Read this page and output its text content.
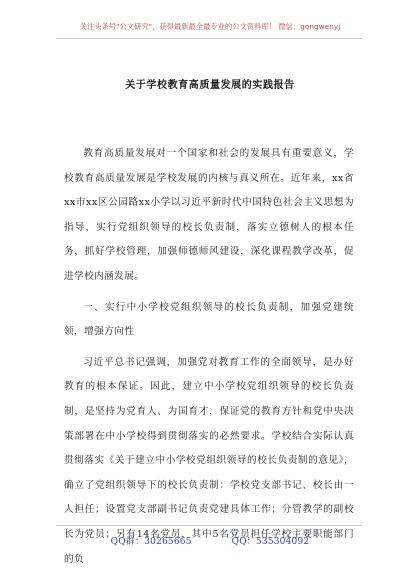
关注头条号"公文研究"，获得最新最全最专业的公文资料库！ 微信：gongwenyj
关于学校教育高质量发展的实践报告

教育高质量发展对一个国家和社会的发展具有重要意义，学校教育高质量发展是学校发展的内核与真义所在。近年来，xx省xx市xx区公园路xx小学以习近平新时代中国特色社会主义思想为指导，实行党组织领导的校长负责制，落实立德树人的根本任务，抓好学校管理，加强师德师风建设，深化课程教学改革，促进学校内涵发展。

一、实行中小学校党组织领导的校长负责制，加强党建统领，增强方向性

习近平总书记强调，加强党对教育工作的全面领导，是办好教育的根本保证。因此，建立中小学校党组织领导的校长负责制，是坚持为党育人、为国育才，保证党的教育方针和党中央决策部署在中小学校得到贯彻落实的必然要求。学校结合实际认真贯彻落实《关于建立中小学校党组织领导的校长负责制的意见》，确立了党组织领导下的校长负责制：学校党支部书记、校长由一人担任；设置党支部副书记负责党建具体工作；分管教学的副校长为党员；另有14名党员，其中5名党员担任学校主要职能部门的负

QQ群：30265665	QQ：535304092
